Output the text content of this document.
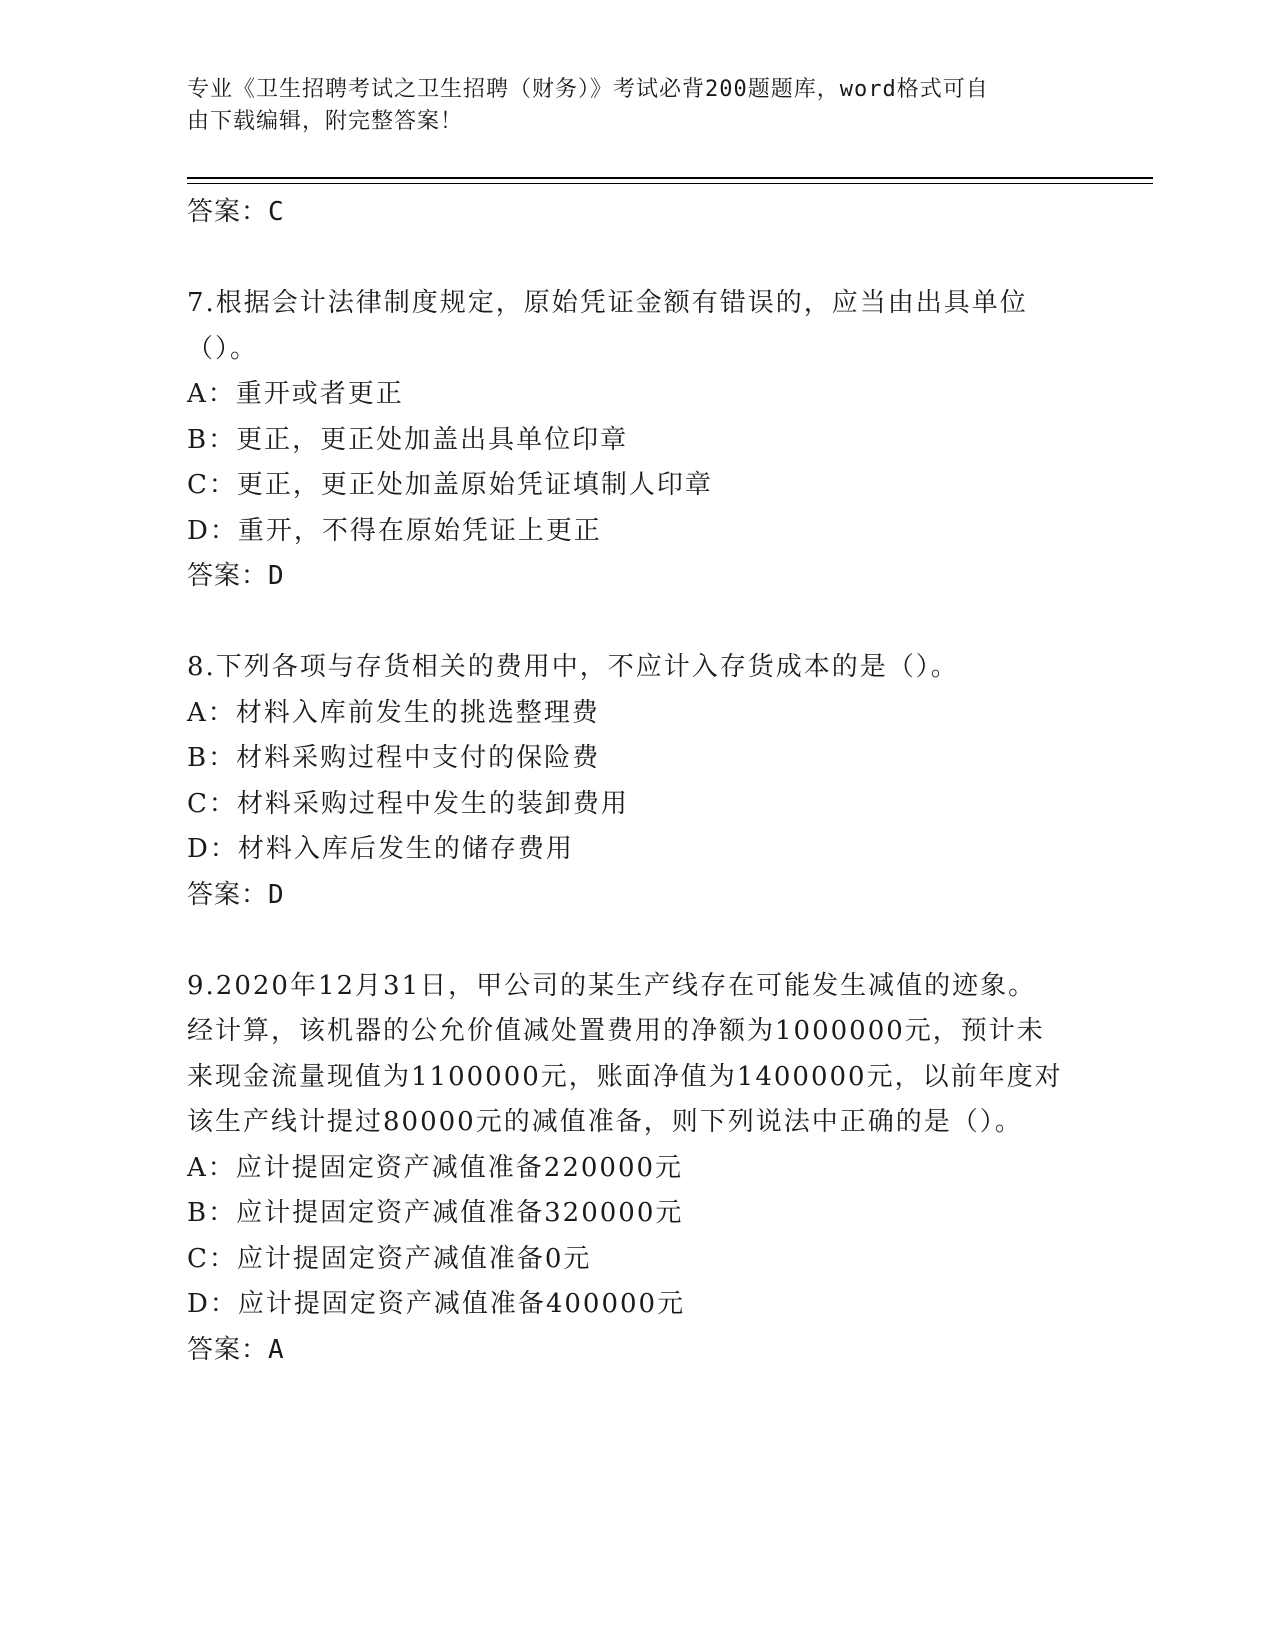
专业《卫生招聘考试之卫生招聘（财务）》考试必背200题题库，word格式可自
由下载编辑，附完整答案！
答案：C
7.根据会计法律制度规定，原始凭证金额有错误的，应当由出具单位
（）。
A：重开或者更正
B：更正，更正处加盖出具单位印章
C：更正，更正处加盖原始凭证填制人印章
D：重开，不得在原始凭证上更正
答案：D
8.下列各项与存货相关的费用中，不应计入存货成本的是（）。
A：材料入库前发生的挑选整理费
B：材料采购过程中支付的保险费
C：材料采购过程中发生的装卸费用
D：材料入库后发生的储存费用
答案：D
9.2020年12月31日，甲公司的某生产线存在可能发生减值的迹象。
经计算，该机器的公允价值减处置费用的净额为1000000元，预计未
来现金流量现值为1100000元，账面净值为1400000元，以前年度对
该生产线计提过80000元的减值准备，则下列说法中正确的是（）。
A：应计提固定资产减值准备220000元
B：应计提固定资产减值准备320000元
C：应计提固定资产减值准备0元
D：应计提固定资产减值准备400000元
答案：A
